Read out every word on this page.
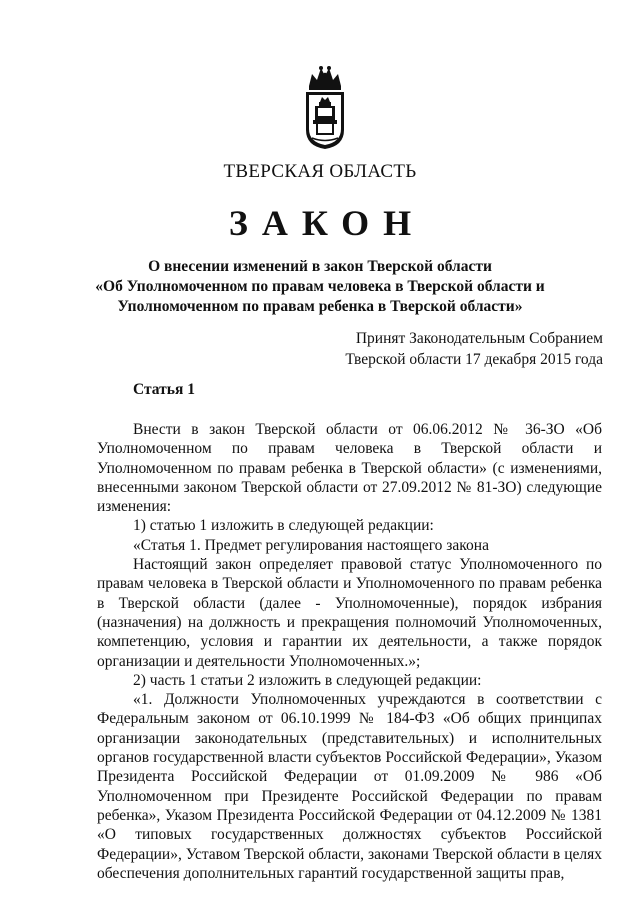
ТВЕРСКАЯ ОБЛАСТЬ
ЗАКОН
О внесении изменений в закон Тверской области
«Об Уполномоченном по правам человека в Тверской области и
Уполномоченном по правам ребенка в Тверской области»
Принят Законодательным Собранием
Тверской области 17 декабря 2015 года
Статья 1

Внести в закон Тверской области от 06.06.2012 № 36-ЗО «Об Уполномоченном по правам человека в Тверской области и Уполномоченном по правам ребенка в Тверской области» (с изменениями, внесенными законом Тверской области от 27.09.2012 № 81-ЗО) следующие изменения:

1) статью 1 изложить в следующей редакции:

«Статья 1. Предмет регулирования настоящего закона

Настоящий закон определяет правовой статус Уполномоченного по правам человека в Тверской области и Уполномоченного по правам ребенка в Тверской области (далее - Уполномоченные), порядок избрания (назначения) на должность и прекращения полномочий Уполномоченных, компетенцию, условия и гарантии их деятельности, а также порядок организации и деятельности Уполномоченных.»;

2) часть 1 статьи 2 изложить в следующей редакции:

«1. Должности Уполномоченных учреждаются в соответствии с Федеральным законом от 06.10.1999 № 184-ФЗ «Об общих принципах организации законодательных (представительных) и исполнительных органов государственной власти субъектов Российской Федерации», Указом Президента Российской Федерации от 01.09.2009 № 986 «Об Уполномоченном при Президенте Российской Федерации по правам ребенка», Указом Президента Российской Федерации от 04.12.2009 № 1381 «О типовых государственных должностях субъектов Российской Федерации», Уставом Тверской области, законами Тверской области в целях обеспечения дополнительных гарантий государственной защиты прав,
